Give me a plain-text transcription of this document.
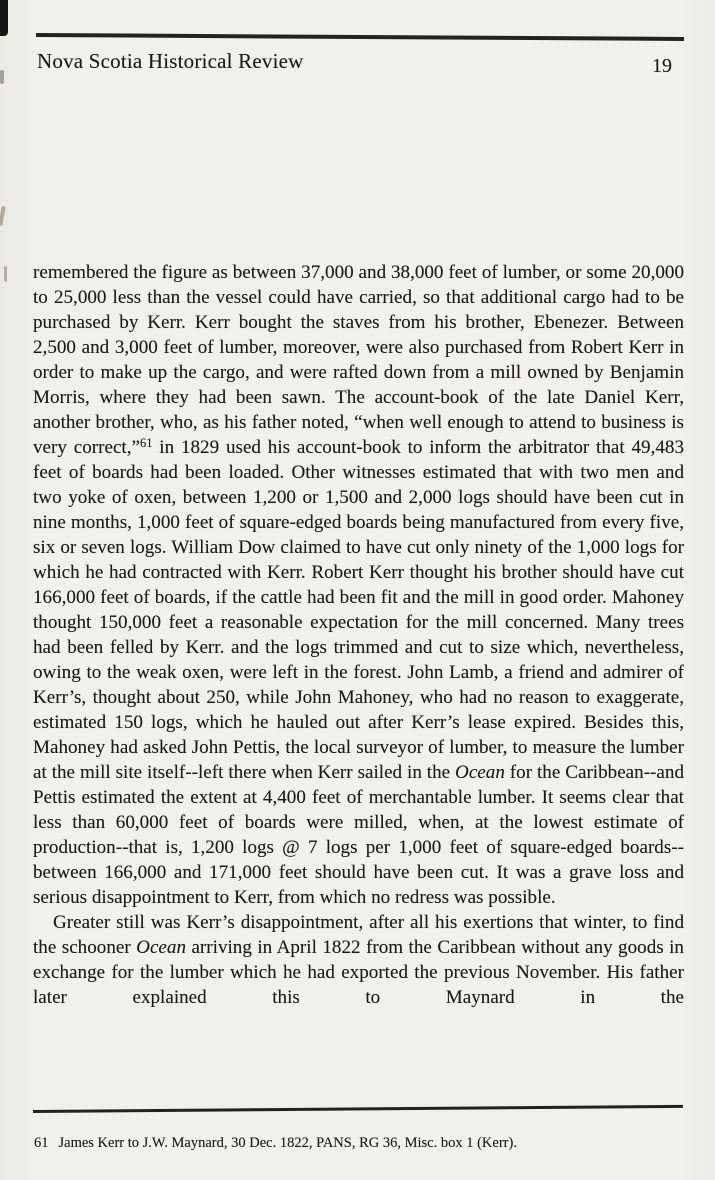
Nova Scotia Historical Review	19

remembered the figure as between 37,000 and 38,000 feet of lumber, or some 20,000 to 25,000 less than the vessel could have carried, so that additional cargo had to be purchased by Kerr. Kerr bought the staves from his brother, Ebenezer. Between 2,500 and 3,000 feet of lumber, moreover, were also purchased from Robert Kerr in order to make up the cargo, and were rafted down from a mill owned by Benjamin Morris, where they had been sawn. The account-book of the late Daniel Kerr, another brother, who, as his father noted, “when well enough to attend to business is very correct,”$^{61}$ in 1829 used his account-book to inform the arbitrator that 49,483 feet of boards had been loaded. Other witnesses estimated that with two men and two yoke of oxen, between 1,200 or 1,500 and 2,000 logs should have been cut in nine months, 1,000 feet of square-edged boards being manufactured from every five, six or seven logs. William Dow claimed to have cut only ninety of the 1,000 logs for which he had contracted with Kerr. Robert Kerr thought his brother should have cut 166,000 feet of boards, if the cattle had been fit and the mill in good order. Mahoney thought 150,000 feet a reasonable expectation for the mill concerned. Many trees had been felled by Kerr. and the logs trimmed and cut to size which, nevertheless, owing to the weak oxen, were left in the forest. John Lamb, a friend and admirer of Kerr’s, thought about 250, while John Mahoney, who had no reason to exaggerate, estimated 150 logs, which he hauled out after Kerr’s lease expired. Besides this, Mahoney had asked John Pettis, the local surveyor of lumber, to measure the lumber at the mill site itself--left there when Kerr sailed in the Ocean for the Caribbean--and Pettis estimated the extent at 4,400 feet of merchantable lumber. It seems clear that less than 60,000 feet of boards were milled, when, at the lowest estimate of production--that is, 1,200 logs @ 7 logs per 1,000 feet of square-edged boards--between 166,000 and 171,000 feet should have been cut. It was a grave loss and serious disappointment to Kerr, from which no redress was possible.

Greater still was Kerr’s disappointment, after all his exertions that winter, to find the schooner Ocean arriving in April 1822 from the Caribbean without any goods in exchange for the lumber which he had exported the previous November. His father later explained this to Maynard in the

61 James Kerr to J.W. Maynard, 30 Dec. 1822, PANS, RG 36, Misc. box 1 (Kerr).
